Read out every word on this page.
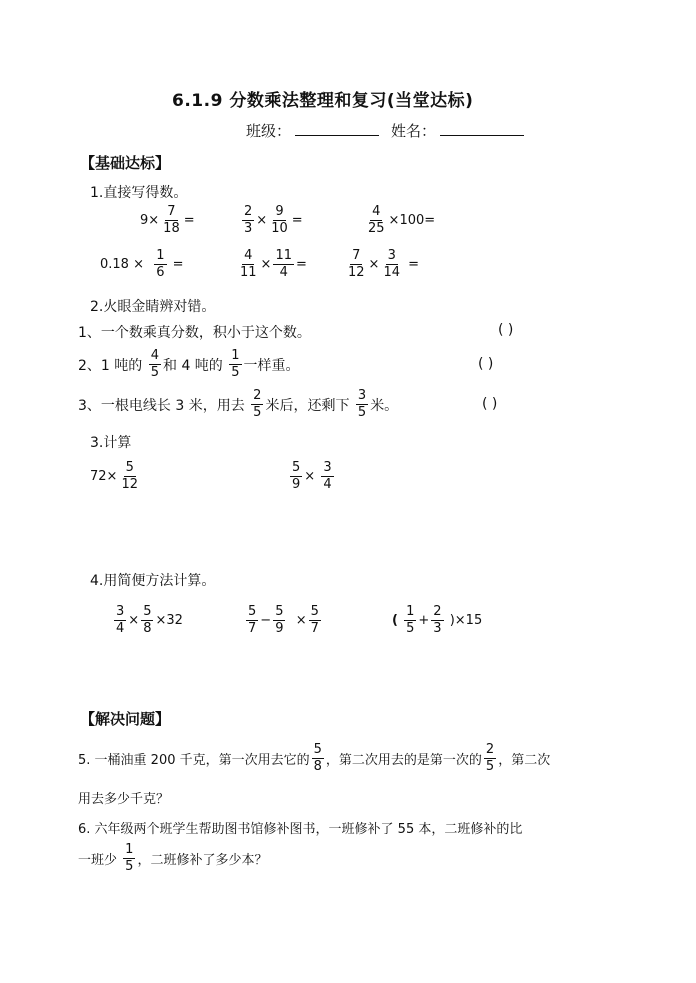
6.1.9 分数乘法整理和复习(当堂达标)
班级：	姓名：
【基础达标】
1.直接写得数。
$9\times \frac{7}{18}$ =	$\frac{2}{3} \times \frac{9}{10}$ =	$\frac{4}{25} \times 100=$
$0.18 \times \frac{1}{6}$ =	$\frac{4}{11} \times \frac{11}{4}$ =	$\frac{7}{12} \times \frac{3}{14}$ =
2.火眼金睛辨对错。
1、一个数乘真分数，积小于这个数。	( )
2、1 吨的 $\frac{4}{5}$ 和 4 吨的 $\frac{1}{5}$ 一样重。	( )
3、一根电线长 3 米，用去 $\frac{2}{5}$ 米后，还剩下 $\frac{3}{5}$ 米。	( )
3.计算
$72\times \frac{5}{12}$	$\frac{5}{9} \times \frac{3}{4}$
4.用简便方法计算。
$\frac{3}{4} \times \frac{5}{8} \times 32$	$\frac{5}{7} - \frac{5}{9} \times \frac{5}{7}$	( $\frac{1}{5} + \frac{2}{3} )\times 15$
【解决问题】
5. 一桶油重 200 千克，第一次用去它的 $\frac{5}{8}$ ，第二次用去的是第一次的 $\frac{2}{5}$ ，第二次
用去多少千克？
6. 六年级两个班学生帮助图书馆修补图书，一班修补了 55 本，二班修补的比
一班少 $\frac{1}{5}$ ，二班修补了多少本？
